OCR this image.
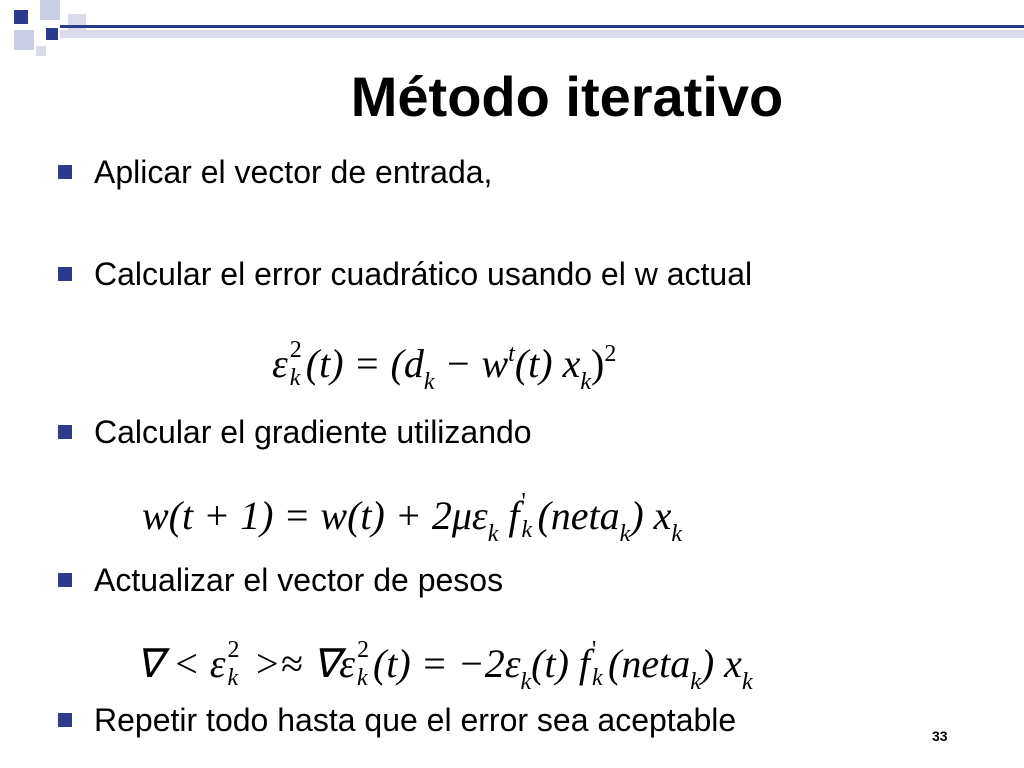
Método iterativo
Aplicar el vector de entrada,
Calcular el error cuadrático usando el w actual
ε 2
k $(t) = (d_k - w^t(t)$ $x_k)^2$
Calcular el gradiente utilizando
$w(t + 1) = w(t) + 2\mu\varepsilon_k$ f '
k (neta$_k$) $x_k$
Actualizar el vector de pesos
∇ < ε 2
k >≈ ∇ε 2
k $(t) = -2\varepsilon_k(t)$ f '
k (neta$_k$) $x_k$
Repetir todo hasta que el error sea aceptable	33
